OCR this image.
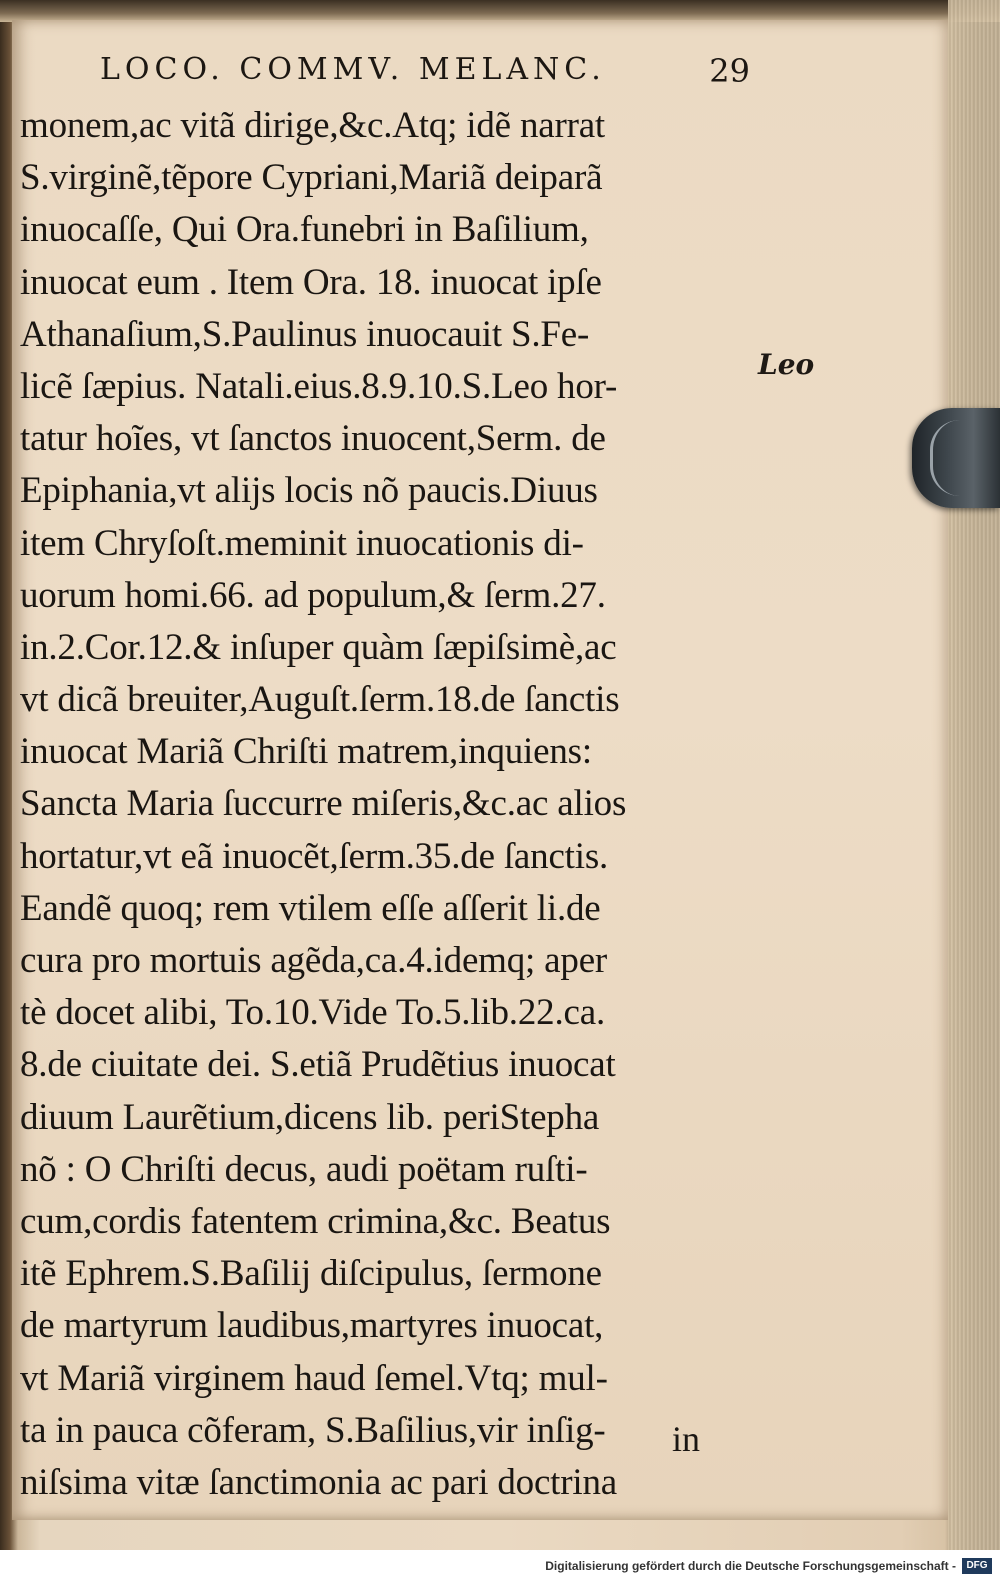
LOCO. COMMV. MELANC.	29
monem,ac vitã dirige,&c.Atq; idẽ narrat
S.virginẽ,tẽpore Cypriani,Mariã deiparã
inuocaſſe, Qui Ora.funebri in Baſilium,
inuocat eum . Item Ora. 18. inuocat ipſe
Athanaſium,S.Paulinus inuocauit S.Fe-
licẽ ſæpius. Natali.eius.8.9.10.S.Leo hor-
tatur hoĩes, vt ſanctos inuocent,Serm. de
Epiphania,vt alijs locis nõ paucis.Diuus
item Chryſoſt.meminit inuocationis di-
uorum homi.66. ad populum,& ſerm.27.
in.2.Cor.12.& inſuper quàm ſæpiſsimè,ac
vt dicã breuiter,Auguſt.ſerm.18.de ſanctis
inuocat Mariã Chriſti matrem,inquiens:
Sancta Maria ſuccurre miſeris,&c.ac alios
hortatur,vt eã inuocẽt,ſerm.35.de ſanctis.
Eandẽ quoq; rem vtilem eſſe aſſerit li.de
cura pro mortuis agẽda,ca.4.idemq; aper
tè docet alibi, To.10.Vide To.5.lib.22.ca.
8.de ciuitate dei. S.etiã Prudẽtius inuocat
diuum Laurẽtium,dicens lib. periStepha
nõ : O Chriſti decus, audi poëtam ruſti-
cum,cordis fatentem crimina,&c. Beatus
itẽ Ephrem.S.Baſilij diſcipulus, ſermone
de martyrum laudibus,martyres inuocat,
vt Mariã virginem haud ſemel.Vtq; mul-
ta in pauca cõferam, S.Baſilius,vir inſig-
niſsima vitæ ſanctimonia ac pari doctrina
Leo
in
Digitalisierung gefördert durch die Deutsche Forschungsgemeinschaft -	DFG
